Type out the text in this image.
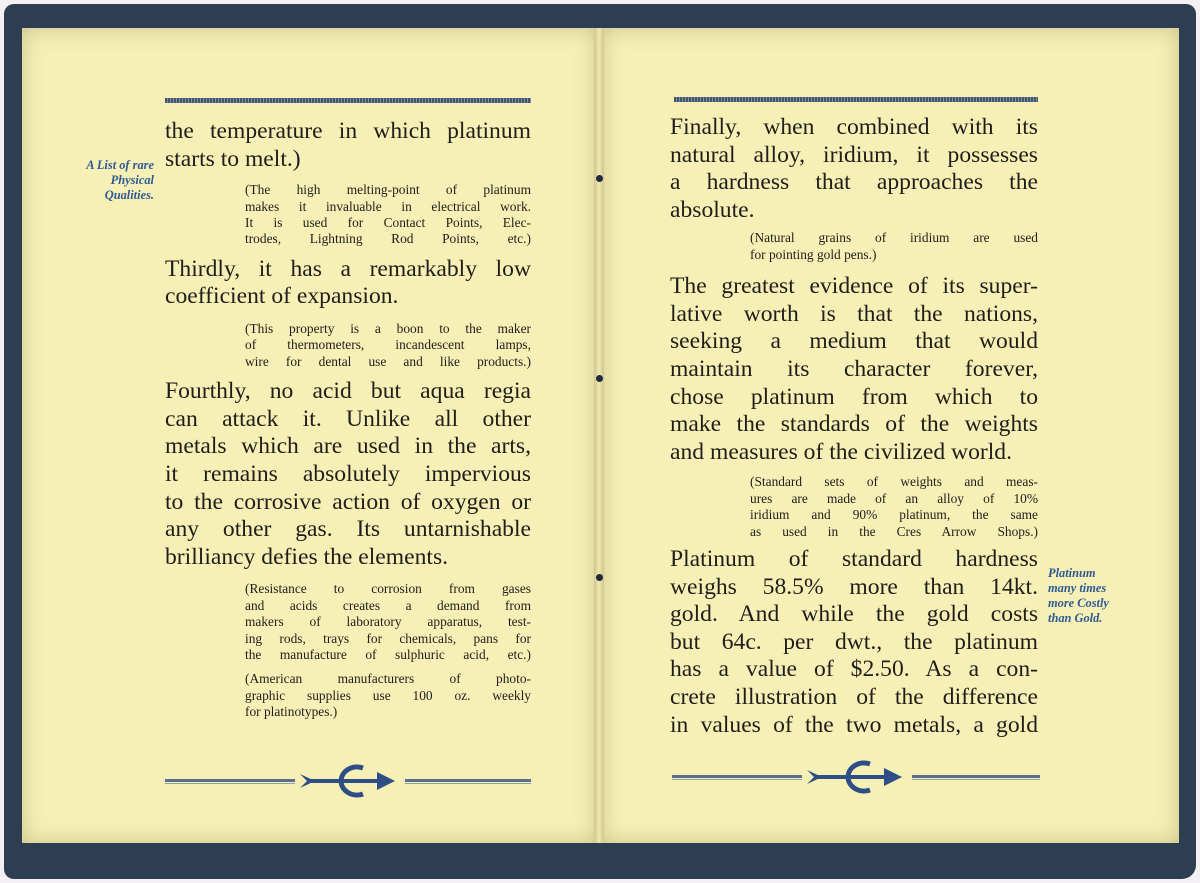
A List of rare
Physical
Qualities.

the temperature in which platinum

starts to melt.)

(The high melting-point of platinum

makes it invaluable in electrical work.

It is used for Contact Points, Elec-

trodes, Lightning Rod Points, etc.)

Thirdly, it has a remarkably low

coefficient of expansion.

(This property is a boon to the maker

of thermometers, incandescent lamps,

wire for dental use and like products.)

Fourthly, no acid but aqua regia

can attack it. Unlike all other

metals which are used in the arts,

it remains absolutely impervious

to the corrosive action of oxygen or

any other gas. Its untarnishable

brilliancy defies the elements.

(Resistance to corrosion from gases

and acids creates a demand from

makers of laboratory apparatus, test-

ing rods, trays for chemicals, pans for

the manufacture of sulphuric acid, etc.)

(American manufacturers of photo-

graphic supplies use 100 oz. weekly

for platinotypes.)

Finally, when combined with its

natural alloy, iridium, it possesses

a hardness that approaches the

absolute.

(Natural grains of iridium are used

for pointing gold pens.)

The greatest evidence of its super-

lative worth is that the nations,

seeking a medium that would

maintain its character forever,

chose platinum from which to

make the standards of the weights

and measures of the civilized world.

(Standard sets of weights and meas-

ures are made of an alloy of 10%

iridium and 90% platinum, the same

as used in the Cres Arrow Shops.)

Platinum of standard hardness

weighs 58.5% more than 14kt.

gold. And while the gold costs

but 64c. per dwt., the platinum

has a value of $2.50. As a con-

crete illustration of the difference

in values of the two metals, a gold

Platinum
many times
more Costly
than Gold.
